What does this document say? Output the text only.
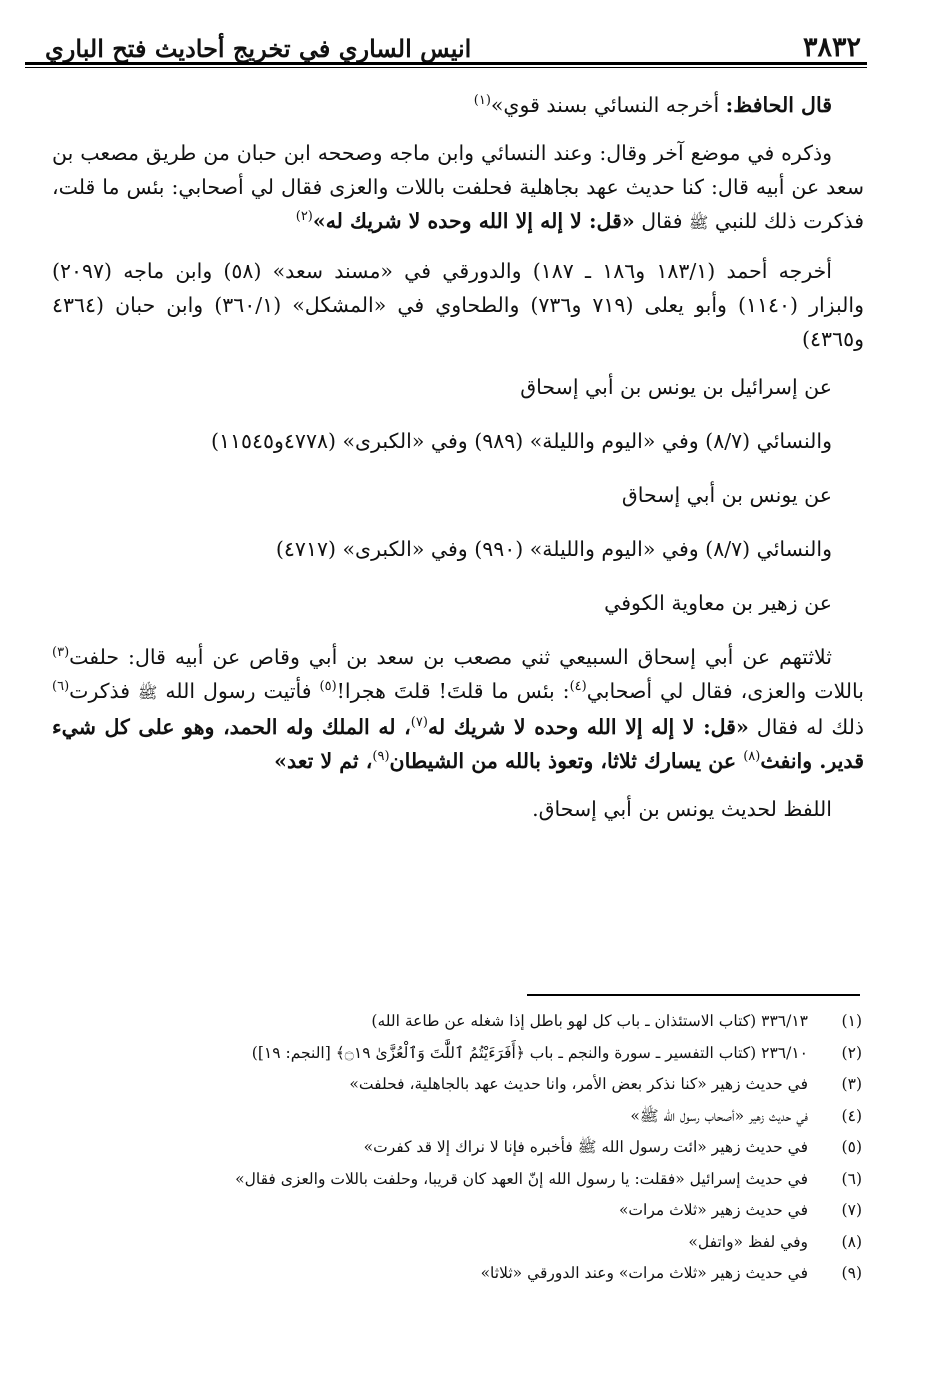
انيس الساري في تخريج أحاديث فتح الباري	٣٨٣٢

قال الحافظ: أخرجه النسائي بسند قوي»$^{(١)}$

وذكره في موضع آخر وقال: وعند النسائي وابن ماجه وصححه ابن حبان من طريق مصعب بن سعد عن أبيه قال: كنا حديث عهد بجاهلية فحلفت باللات والعزى فقال لي أصحابي: بئس ما قلت، فذكرت ذلك للنبي ﷺ فقال «قل: لا إله إلا الله وحده لا شريك له»$^{(٢)}$

أخرجه أحمد (١٨٣/١ و١٨٦ ـ ١٨٧) والدورقي في «مسند سعد» (٥٨) وابن ماجه (٢٠٩٧) والبزار (١١٤٠) وأبو يعلى (٧١٩ و٧٣٦) والطحاوي في «المشكل» (٣٦٠/١) وابن حبان (٤٣٦٤ و٤٣٦٥)

عن إسرائيل بن يونس بن أبي إسحاق

والنسائي (٨/٧) وفي «اليوم والليلة» (٩٨٩) وفي «الكبرى» (٤٧٧٨و١١٥٤٥)

عن يونس بن أبي إسحاق

والنسائي (٨/٧) وفي «اليوم والليلة» (٩٩٠) وفي «الكبرى» (٤٧١٧)

عن زهير بن معاوية الكوفي

ثلاثتهم عن أبي إسحاق السبيعي ثني مصعب بن سعد بن أبي وقاص عن أبيه قال: حلفت$^{(٣)}$ باللات والعزى، فقال لي أصحابي$^{(٤)}$: بئس ما قلتَ! قلتَ هجرا!$^{(٥)}$ فأتيت رسول الله ﷺ فذكرت$^{(٦)}$ ذلك له فقال «قل: لا إله إلا الله وحده لا شريك له$^{(٧)}$، له الملك وله الحمد، وهو على كل شيء قدير. وانفث$^{(٨)}$ عن يسارك ثلاثا، وتعوذ بالله من الشيطان$^{(٩)}$، ثم لا تعد»

اللفظ لحديث يونس بن أبي إسحاق.

(١)
٣٣٦/١٣ (كتاب الاستئذان ـ باب كل لهو باطل إذا شغله عن طاعة الله)
(٢)
٢٣٦/١٠ (كتاب التفسير ـ سورة والنجم ـ باب ﴿أَفَرَءَيْتُمُ ٱللَّٰتَ وَٱلْعُزَّىٰ ۝١٩﴾ [النجم: ١٩])
(٣)
في حديث زهير «كنا نذكر بعض الأمر، وانا حديث عهد بالجاهلية، فحلفت»
(٤)
في حديث زهير «أصحاب رسول الله ﷺ»
(٥)
في حديث زهير «ائت رسول الله ﷺ فأخبره فإنا لا نراك إلا قد كفرت»
(٦)
في حديث إسرائيل «فقلت: يا رسول الله إنّ العهد كان قريبا، وحلفت باللات والعزى فقال»
(٧)
في حديث زهير «ثلاث مرات»
(٨)
وفي لفظ «واتفل»
(٩)
في حديث زهير «ثلاث مرات» وعند الدورقي «ثلاثا»
